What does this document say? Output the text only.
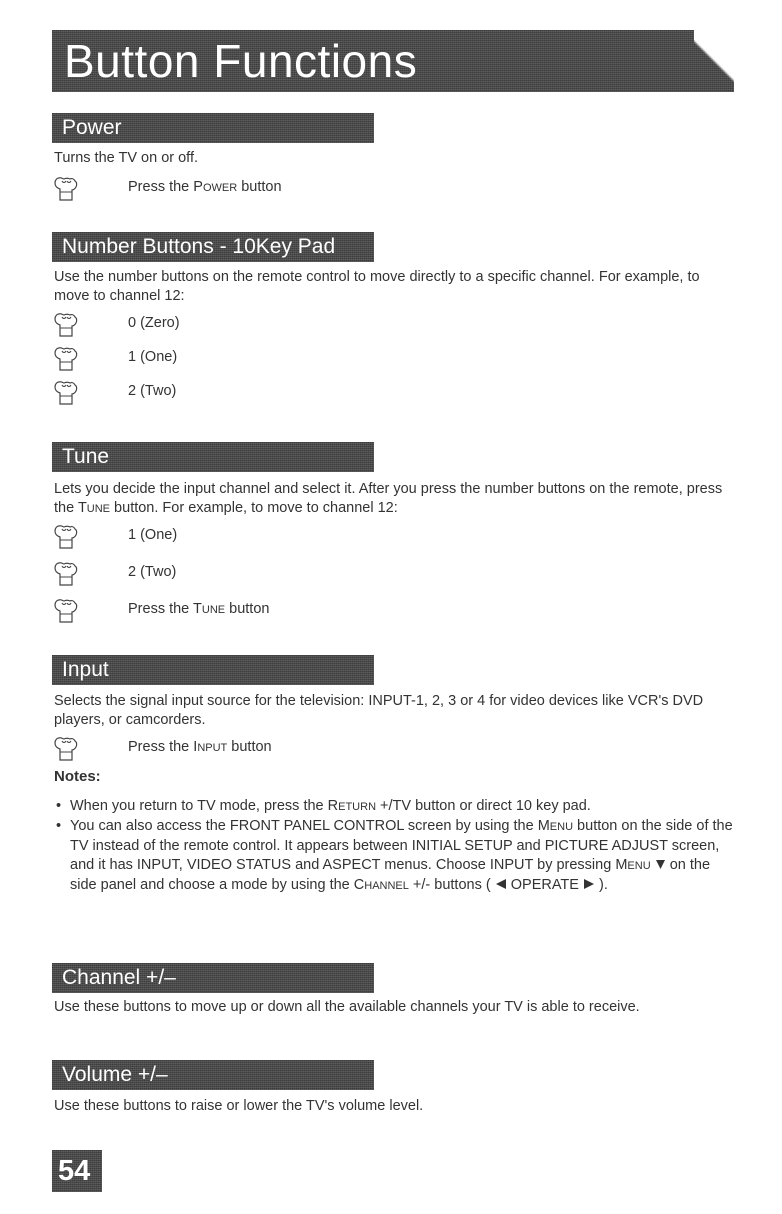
Button Functions
Power
Turns the TV on or off.
Press the POWER button
Number Buttons - 10Key Pad
Use the number buttons on the remote control to move directly to a specific channel. For example, to move to channel 12:
0 (Zero)
1 (One)
2 (Two)
Tune
Lets you decide the input channel and select it. After you press the number buttons on the remote, press the TUNE button. For example, to move to channel 12:
1 (One)
2 (Two)
Press the TUNE button
Input
Selects the signal input source for the television: INPUT-1, 2, 3 or 4 for video devices like VCR's DVD players, or camcorders.
Press the INPUT button
Notes:
• When you return to TV mode, press the RETURN +/TV button or direct 10 key pad.
• You can also access the FRONT PANEL CONTROL screen by using the MENU button on the side of the TV instead of the remote control. It appears between INITIAL SETUP and PICTURE ADJUST screen, and it has INPUT, VIDEO STATUS and ASPECT menus. Choose INPUT by pressing MENU  on the side panel and choose a mode by using the CHANNEL +/- buttons (  OPERATE  ).
Channel +/–
Use these buttons to move up or down all the available channels your TV is able to receive.
Volume +/–
Use these buttons to raise or lower the TV's volume level.
54
